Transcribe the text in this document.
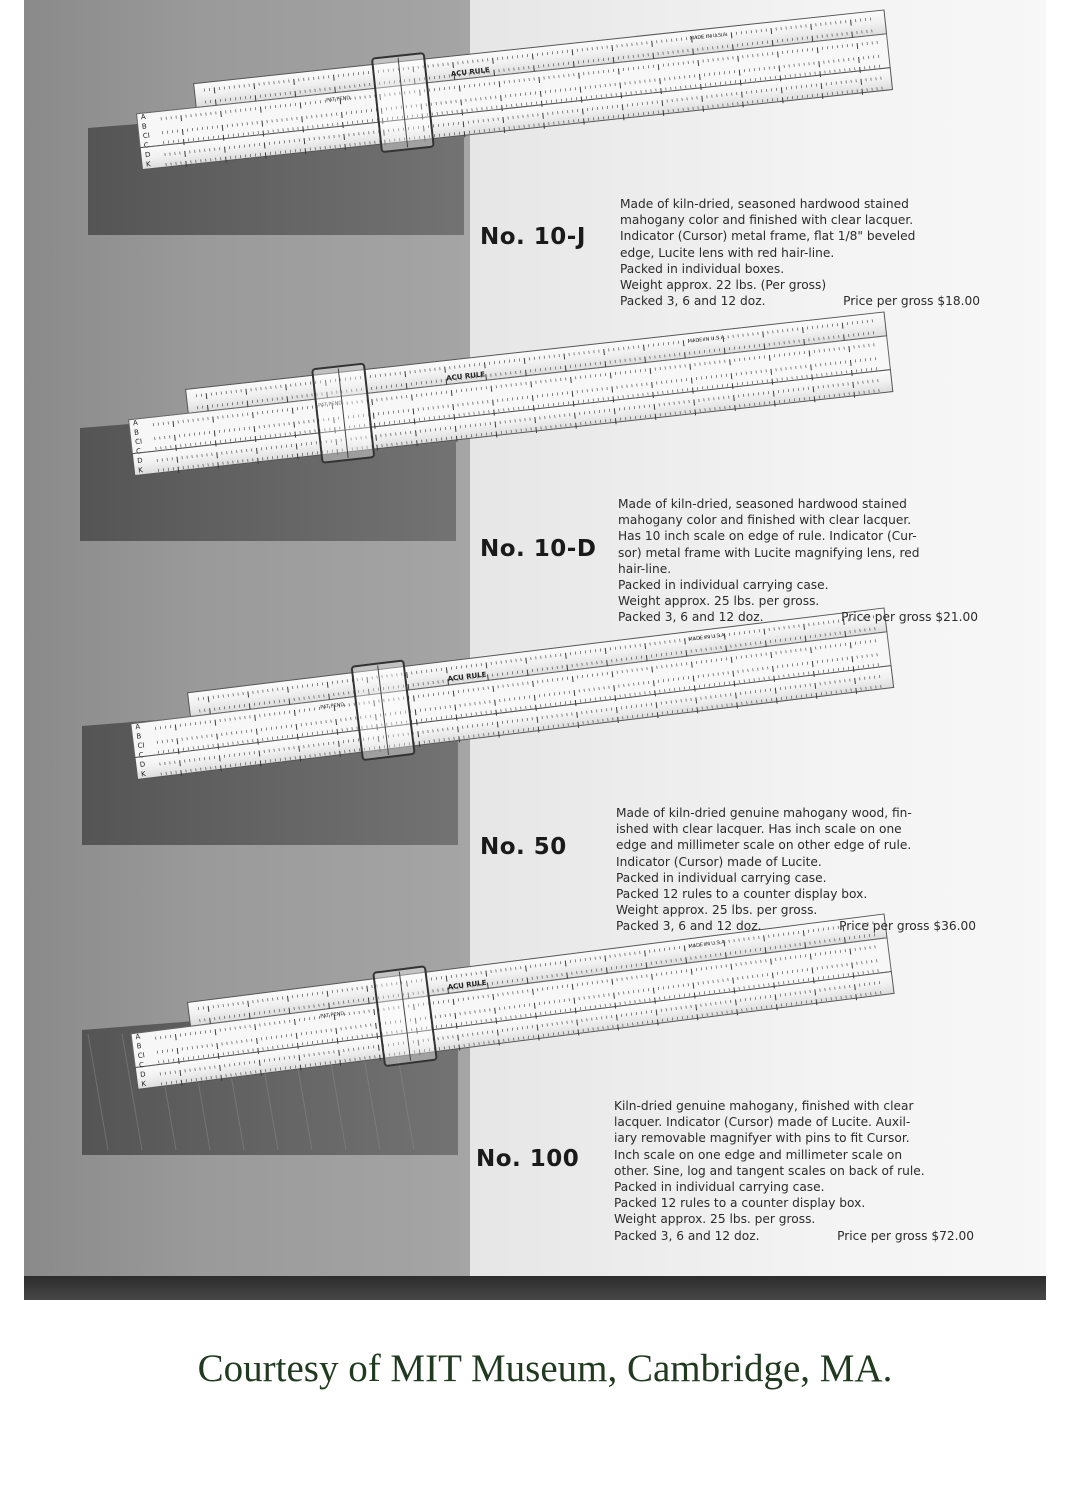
A
B
CI
C
D
K
ACU RULE
MADE IN U.S.A.
PAT PEND.
A
B
CI
C
D
K
ACU RULE
MADE IN U.S.A.
A
B
CI
C
D
K
ACU RULE
MADE IN U.S.A.
PAT PEND.
A
B
CI
C
D
K
ACU RULE
MADE IN U.S.A.
PAT PEND.
No. 10-J
Made of kiln-dried, seasoned hardwood stained
mahogany color and finished with clear lacquer.
Indicator (Cursor) metal frame, flat 1/8" beveled
edge, Lucite lens with red hair-line.
Packed in individual boxes.
Weight approx. 22 lbs. (Per gross)
Packed 3, 6 and 12 doz.	Price per gross $18.00
No. 10-D
Made of kiln-dried, seasoned hardwood stained
mahogany color and finished with clear lacquer.
Has 10 inch scale on edge of rule. Indicator (Cur-
sor) metal frame with Lucite magnifying lens, red
hair-line.
Packed in individual carrying case.
Weight approx. 25 lbs. per gross.
Packed 3, 6 and 12 doz.	Price per gross $21.00
No. 50
Made of kiln-dried genuine mahogany wood, fin-
ished with clear lacquer. Has inch scale on one
edge and millimeter scale on other edge of rule.
Indicator (Cursor) made of Lucite.
Packed in individual carrying case.
Packed 12 rules to a counter display box.
Weight approx. 25 lbs. per gross.
Packed 3, 6 and 12 doz.	Price per gross $36.00
No. 100
Kiln-dried genuine mahogany, finished with clear
lacquer. Indicator (Cursor) made of Lucite. Auxil-
iary removable magnifyer with pins to fit Cursor.
Inch scale on one edge and millimeter scale on
other. Sine, log and tangent scales on back of rule.
Packed in individual carrying case.
Packed 12 rules to a counter display box.
Weight approx. 25 lbs. per gross.
Packed 3, 6 and 12 doz.	Price per gross $72.00
Courtesy of MIT Museum, Cambridge, MA.
